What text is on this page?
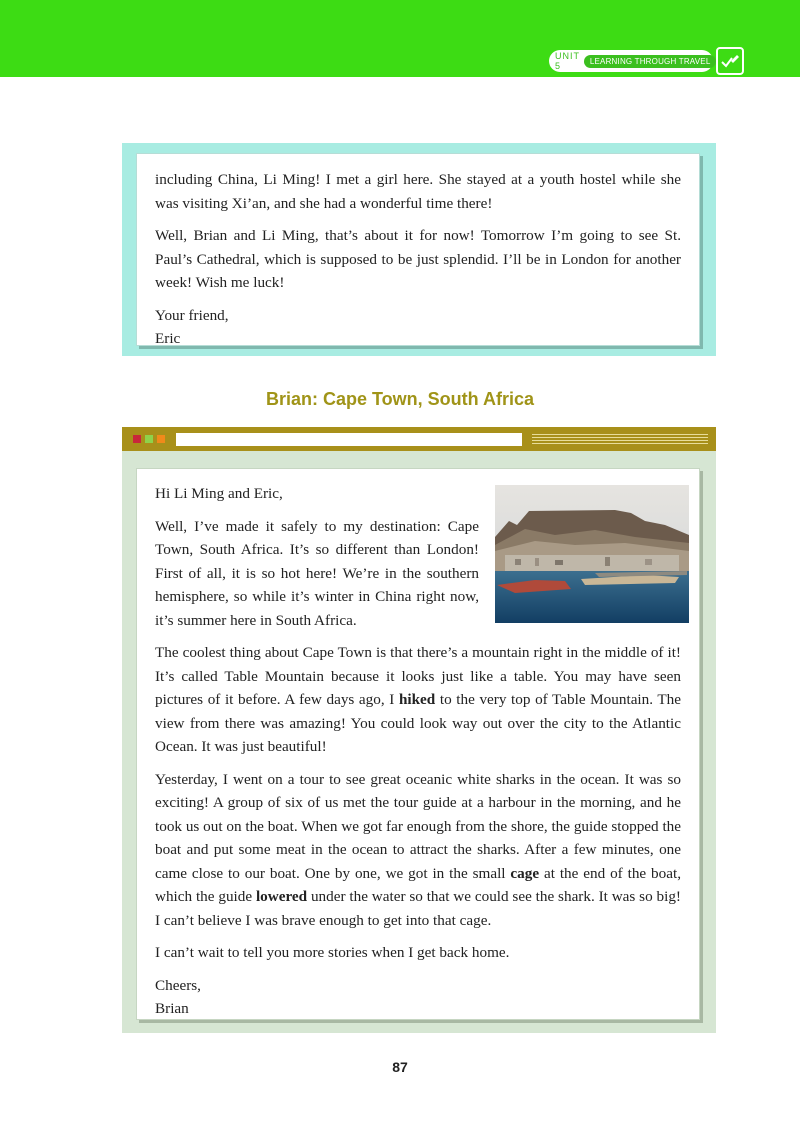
UNIT 5	LEARNING THROUGH TRAVEL

including China, Li Ming! I met a girl here. She stayed at a youth hostel while she was visiting Xi’an, and she had a wonderful time there!

Well, Brian and Li Ming, that’s about it for now! Tomorrow I’m going to see St. Paul’s Cathedral, which is supposed to be just splendid. I’ll be in London for another week! Wish me luck!

Your friend,

Eric

Brian: Cape Town, South Africa

Hi Li Ming and Eric,

Well, I’ve made it safely to my destination: Cape Town, South Africa. It’s so different than London! First of all, it is so hot here! We’re in the southern hemisphere, so while it’s winter in China right now, it’s summer here in South Africa.

The coolest thing about Cape Town is that there’s a mountain right in the middle of it! It’s called Table Mountain because it looks just like a table. You may have seen pictures of it before. A few days ago, I hiked to the very top of Table Mountain. The view from there was amazing! You could look way out over the city to the Atlantic Ocean. It was just beautiful!

Yesterday, I went on a tour to see great oceanic white sharks in the ocean. It was so exciting! A group of six of us met the tour guide at a harbour in the morning, and he took us out on the boat. When we got far enough from the shore, the guide stopped the boat and put some meat in the ocean to attract the sharks. After a few minutes, one came close to our boat. One by one, we got in the small cage at the end of the boat, which the guide lowered under the water so that we could see the shark. It was so big! I can’t believe I was brave enough to get into that cage.

I can’t wait to tell you more stories when I get back home.

Cheers,

Brian

87
